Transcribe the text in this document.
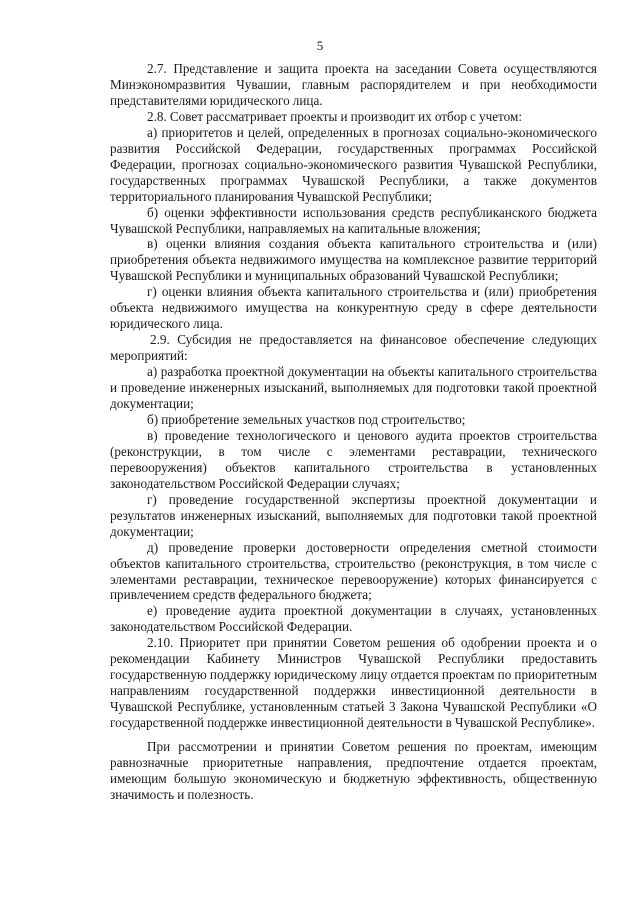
5

2.7. Представление и защита проекта на заседании Совета осуществляются Минэкономразвития Чувашии, главным распорядителем и при необходимости представителями юридического лица.

2.8. Совет рассматривает проекты и производит их отбор с учетом:

а) приоритетов и целей, определенных в прогнозах социально-экономического развития Российской Федерации, государственных программах Российской Федерации, прогнозах социально-экономического развития Чувашской Республики, государственных программах Чувашской Республики, а также документов территориального планирования Чувашской Республики;

б) оценки эффективности использования средств республиканского бюджета Чувашской Республики, направляемых на капитальные вложения;

в) оценки влияния создания объекта капитального строительства и (или) приобретения объекта недвижимого имущества на комплексное развитие территорий Чувашской Республики и муниципальных образований Чувашской Республики;

г) оценки влияния объекта капитального строительства и (или) приобретения объекта недвижимого имущества на конкурентную среду в сфере деятельности юридического лица.

2.9. Субсидия не предоставляется на финансовое обеспечение следующих мероприятий:

а) разработка проектной документации на объекты капитального строительства и проведение инженерных изысканий, выполняемых для подготовки такой проектной документации;

б) приобретение земельных участков под строительство;

в) проведение технологического и ценового аудита проектов строительства (реконструкции, в том числе с элементами реставрации, технического перевооружения) объектов капитального строительства в установленных законодательством Российской Федерации случаях;

г) проведение государственной экспертизы проектной документации и результатов инженерных изысканий, выполняемых для подготовки такой проектной документации;

д) проведение проверки достоверности определения сметной стоимости объектов капитального строительства, строительство (реконструкция, в том числе с элементами реставрации, техническое перевооружение) которых финансируется с привлечением средств федерального бюджета;

е) проведение аудита проектной документации в случаях, установленных законодательством Российской Федерации.

2.10. Приоритет при принятии Советом решения об одобрении проекта и о рекомендации Кабинету Министров Чувашской Республики предоставить государственную поддержку юридическому лицу отдается проектам по приоритетным направлениям государственной поддержки инвестиционной деятельности в Чувашской Республике, установленным статьей 3 Закона Чувашской Республики «О государственной поддержке инвестиционной деятельности в Чувашской Республике».

При рассмотрении и принятии Советом решения по проектам, имеющим равнозначные приоритетные направления, предпочтение отдается проектам, имеющим большую экономическую и бюджетную эффективность, общественную значимость и полезность.
